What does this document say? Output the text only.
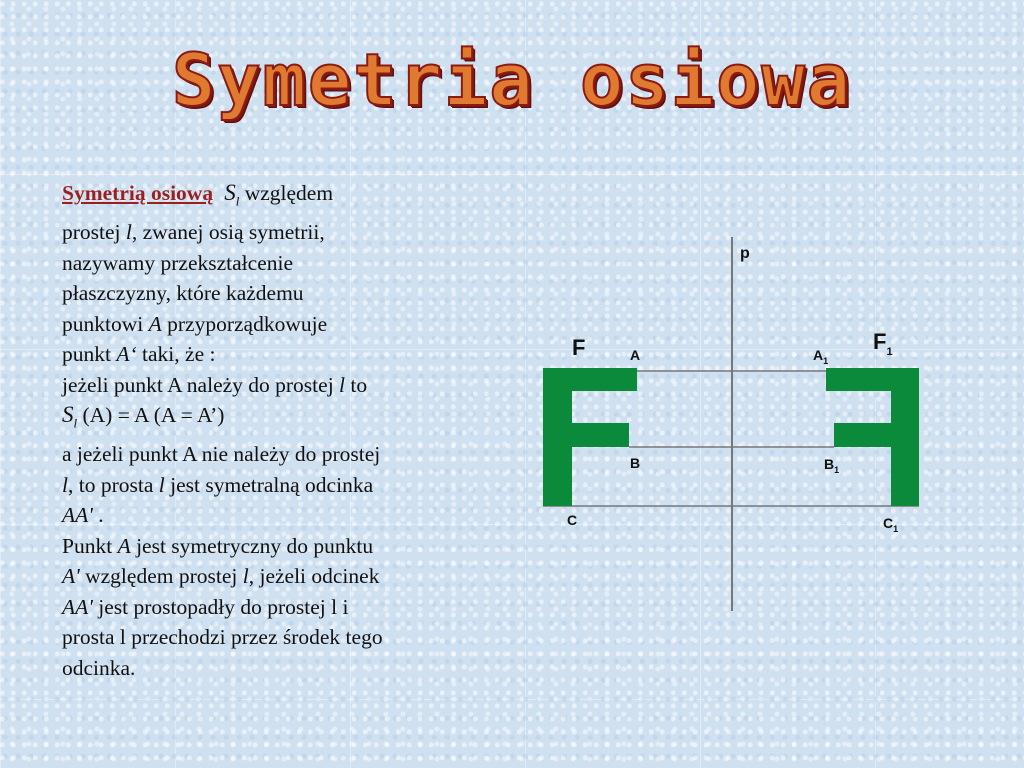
Symetria osiowa

Symetrią osiową $S_l$ względem

prostej l, zwanej osią symetrii,

nazywamy przekształcenie

płaszczyzny, które każdemu

punktowi A przyporządkowuje

punkt A‘ taki, że :

jeżeli punkt A należy do prostej l to

$S_l$ (A) = A (A = A’)

a jeżeli punkt A nie należy do prostej

l, to prosta l jest symetralną odcinka

AA' .

Punkt A jest symetryczny do punktu

A' względem prostej l, jeżeli odcinek

AA' jest prostopadły do prostej l i

prosta l przechodzi przez środek tego

odcinka.

p
F	$F_1$
A	$A_1$
B	$B_1$
C	$C_1$
